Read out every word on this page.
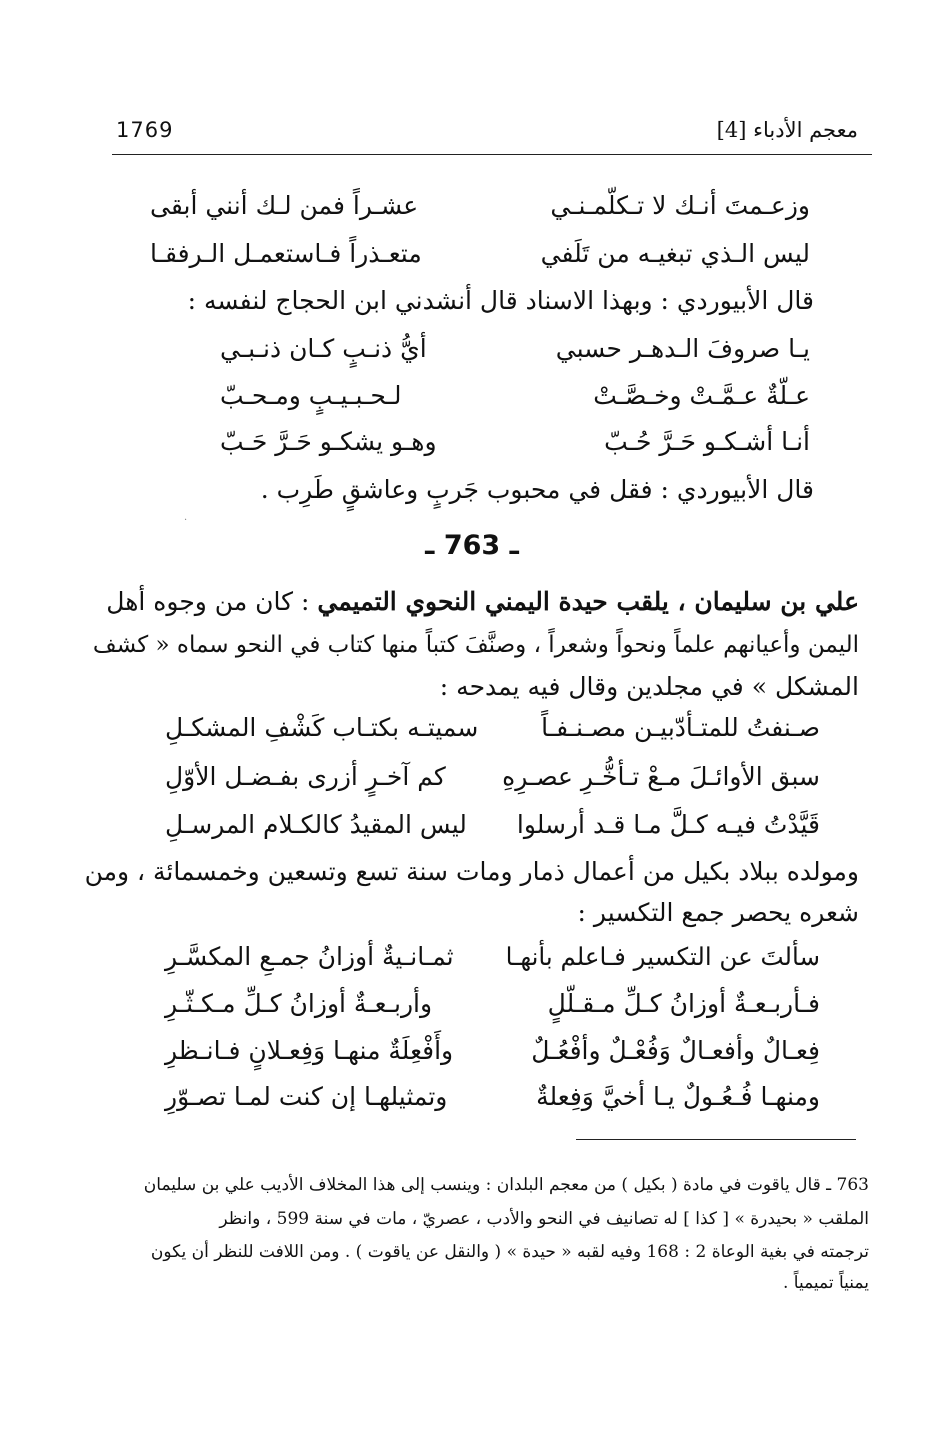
معجم الأدباء [4]
1769
وزعـمتَ أنـك لا تـكلّمـنـي
عشـراً فمن لـك أنني أبقى
ليس الـذي تبغيـه من تَلَفي
متعـذراً فـاستعمـل الـرفقـا
قال الأبيوردي : وبهذا الاسناد قال أنشدني ابن الحجاج لنفسه :
يـا صروفَ الـدهـر حسبي
أيُّ ذنـبٍ كـان ذنـبـي
عـلّةٌ عـمَّـتْ وخـصَّـتْ
لـحـبـيـبٍ ومـحـبّ
أنـا أشـكـو حَـرَّ حُـبّ
وهـو يشكـو حَـرَّ حَـبّ
قال الأبيوردي : فقل في محبوب جَربٍ وعاشقٍ طَرِب .
·
ـ 763 ـ
علي بن سليمان ، يلقب حيدة اليمني النحوي التميمي : كان من وجوه أهل
اليمن وأعيانهم علماً ونحواً وشعراً ، وصنَّفَ كتباً منها كتاب في النحو سماه « كشف
المشكل » في مجلدين وقال فيه يمدحه :
صـنفتُ للمتـأدّبيـن مصـنـفـاً
سميتـه بكتـاب كَشْفِ المشكـلِ
سبق الأوائـلَ مـعْ تـأخُّـرِ عصـرِهِ
كم آخـرٍ أزرى بفـضـل الأوّلِ
قَيَّدْتُ فيـه كـلَّ مـا قـد أرسلوا
ليس المقيدُ كالكـلام المرسـلِ
ومولده ببلاد بكيل من أعمال ذمار ومات سنة تسع وتسعين وخمسمائة ، ومن
شعره يحصر جمع التكسير :
سألتَ عن التكسير فـاعلم بأنهـا
ثمـانـيةٌ أوزانُ جمـعِ المكسَّـرِ
فـأربـعـةٌ أوزانُ كـلِّ مـقـلّلٍ
وأربـعـةٌ أوزانُ كـلِّ مـكـثّـرِ
فِعـالٌ وأفعـالٌ وَفُعْـلٌ وأفْعُـلٌ
وأَفْعِلَةٌ منهـا وَفِعـلانٍ فـانـظرِ
ومنهـا فُـعُـولٌ يـا أخيَّ وَفِعلةٌ
وتمثيلهـا إن كنت لمـا تصـوّرِ
763 ـ قال ياقوت في مادة ( بكيل ) من معجم البلدان : وينسب إلى هذا المخلاف الأديب علي بن سليمان
الملقب « بحيدرة » [ كذا ] له تصانيف في النحو والأدب ، عصريّ ، مات في سنة 599 ، وانظر
ترجمته في بغية الوعاة 2 : 168 وفيه لقبه « حيدة » ( والنقل عن ياقوت ) . ومن اللافت للنظر أن يكون
يمنياً تميمياً .
